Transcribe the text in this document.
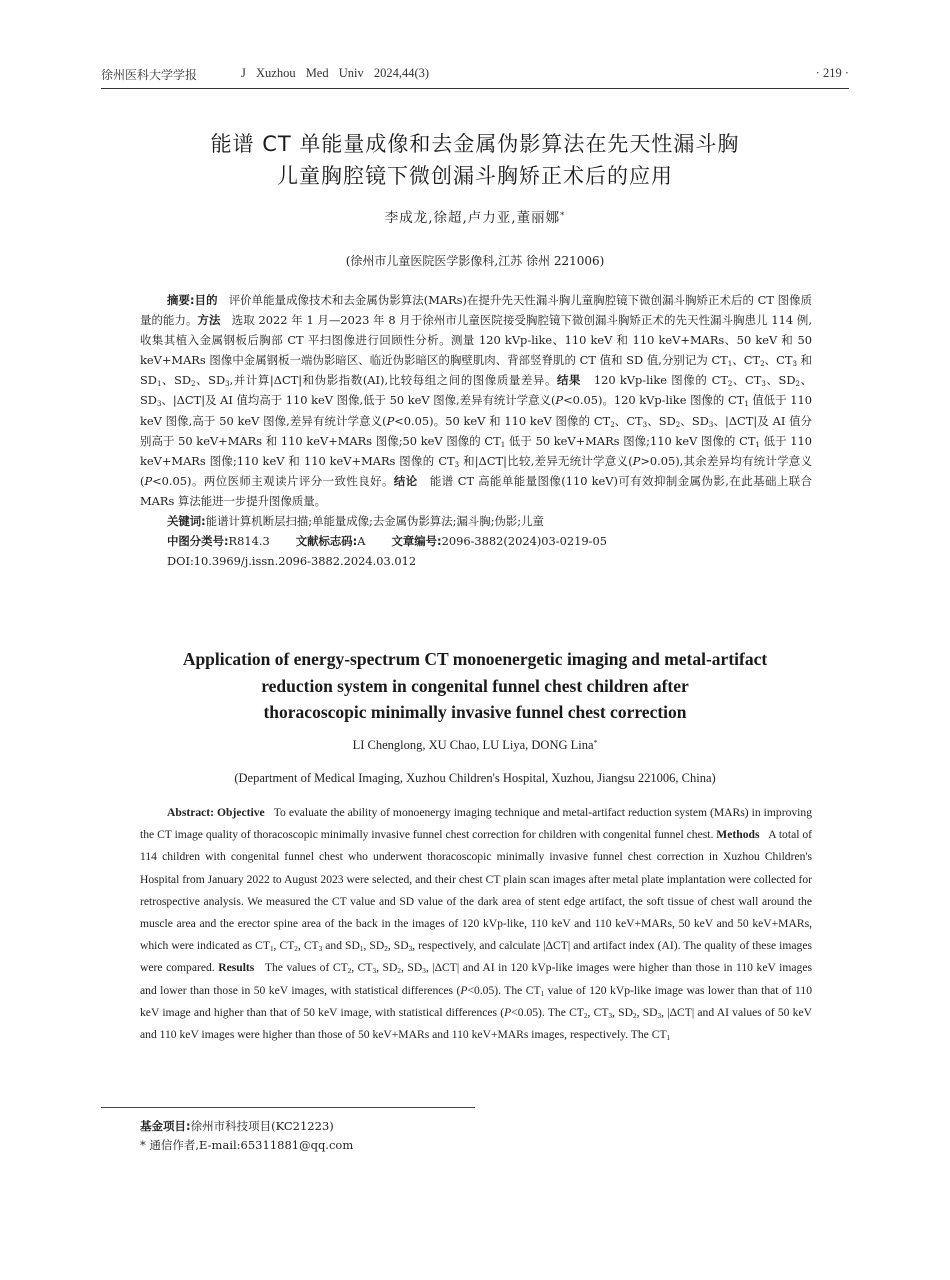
徐州医科大学学报	J Xuzhou Med Univ 2024,44(3)	· 219 ·
能谱 CT 单能量成像和去金属伪影算法在先天性漏斗胸
儿童胸腔镜下微创漏斗胸矫正术后的应用
李成龙,徐超,卢力亚,董丽娜*
(徐州市儿童医院医学影像科,江苏 徐州 221006)

摘要:目的 评价单能量成像技术和去金属伪影算法(MARs)在提升先天性漏斗胸儿童胸腔镜下微创漏斗胸矫正术后的 CT 图像质量的能力。方法 选取 2022 年 1 月—2023 年 8 月于徐州市儿童医院接受胸腔镜下微创漏斗胸矫正术的先天性漏斗胸患儿 114 例,收集其植入金属钢板后胸部 CT 平扫图像进行回顾性分析。测量 120 kVp-like、110 keV 和 110 keV+MARs、50 keV 和 50 keV+MARs 图像中金属钢板一端伪影暗区、临近伪影暗区的胸壁肌肉、背部竖脊肌的 CT 值和 SD 值,分别记为 $CT_1$、$CT_2$、$CT_3$ 和 $SD_1$、$SD_2$、$SD_3$,并计算|ΔCT|和伪影指数(AI),比较每组之间的图像质量差异。结果 120 kVp-like 图像的 $CT_2$、$CT_3$、$SD_2$、$SD_3$、|ΔCT|及 AI 值均高于 110 keV 图像,低于 50 keV 图像,差异有统计学意义(P<0.05)。120 kVp-like 图像的 $CT_1$ 值低于 110 keV 图像,高于 50 keV 图像,差异有统计学意义(P<0.05)。50 keV 和 110 keV 图像的 $CT_2$、$CT_3$、$SD_2$、$SD_3$、|ΔCT|及 AI 值分别高于 50 keV+MARs 和 110 keV+MARs 图像;50 keV 图像的 $CT_1$ 低于 50 keV+MARs 图像;110 keV 图像的 $CT_1$ 低于 110 keV+MARs 图像;110 keV 和 110 keV+MARs 图像的 $CT_3$ 和|ΔCT|比较,差异无统计学意义(P>0.05),其余差异均有统计学意义(P<0.05)。两位医师主观读片评分一致性良好。结论 能谱 CT 高能单能量图像(110 keV)可有效抑制金属伪影,在此基础上联合 MARs 算法能进一步提升图像质量。

关键词:能谱计算机断层扫描;单能量成像;去金属伪影算法;漏斗胸;伪影;儿童

中图分类号:R814.3 文献标志码:A 文章编号:2096-3882(2024)03-0219-05

DOI:10.3969/j.issn.2096-3882.2024.03.012

Application of energy-spectrum CT monoenergetic imaging and metal-artifact
reduction system in congenital funnel chest children after
thoracoscopic minimally invasive funnel chest correction
LI Chenglong, XU Chao, LU Liya, DONG Lina*
(Department of Medical Imaging, Xuzhou Children's Hospital, Xuzhou, Jiangsu 221006, China)

Abstract: Objective To evaluate the ability of monoenergy imaging technique and metal-artifact reduction system (MARs) in improving the CT image quality of thoracoscopic minimally invasive funnel chest correction for children with congenital funnel chest. Methods A total of 114 children with congenital funnel chest who underwent thoracoscopic minimally invasive funnel chest correction in Xuzhou Children's Hospital from January 2022 to August 2023 were selected, and their chest CT plain scan images after metal plate implantation were collected for retrospective analysis. We measured the CT value and SD value of the dark area of stent edge artifact, the soft tissue of chest wall around the muscle area and the erector spine area of the back in the images of 120 kVp-like, 110 keV and 110 keV+MARs, 50 keV and 50 keV+MARs, which were indicated as $CT_1$, $CT_2$, $CT_3$ and $SD_1$, $SD_2$, $SD_3$, respectively, and calculate |ΔCT| and artifact index (AI). The quality of these images were compared. Results The values of $CT_2$, $CT_3$, $SD_2$, $SD_3$, |ΔCT| and AI in 120 kVp-like images were higher than those in 110 keV images and lower than those in 50 keV images, with statistical differences (P<0.05). The $CT_1$ value of 120 kVp-like image was lower than that of 110 keV image and higher than that of 50 keV image, with statistical differences (P<0.05). The $CT_2$, $CT_3$, $SD_2$, $SD_3$, |ΔCT| and AI values of 50 keV and 110 keV images were higher than those of 50 keV+MARs and 110 keV+MARs images, respectively. The $CT_1$

基金项目:徐州市科技项目(KC21223)
* 通信作者,E-mail:65311881@qq.com
